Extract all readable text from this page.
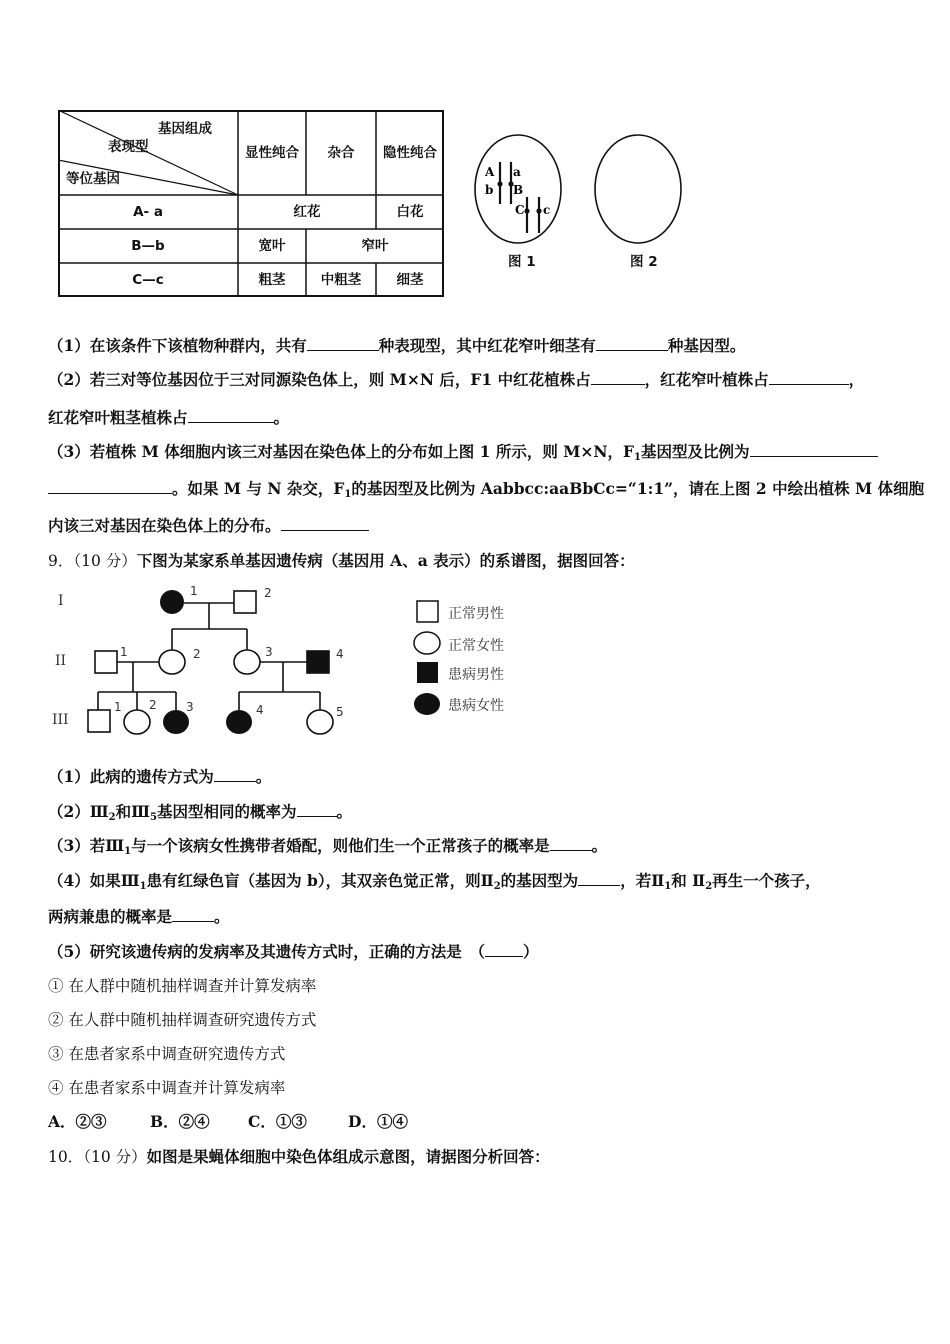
基因组成
表现型
等位基因
显性纯合	杂合	隐性纯合
A- a	红花	白花
B—b	宽叶	窄叶
C—c	粗茎	中粗茎	细茎
A a
b B
C c
图 1	图 2
（1）在该条件下该植物种群内，共有	种表现型，其中红花窄叶细茎有	种基因型。
（2）若三对等位基因位于三对同源染色体上，则 M×N 后，F1 中红花植株占	，红花窄叶植株占	，
红花窄叶粗茎植株占	。
（3）若植株 M 体细胞内该三对基因在染色体上的分布如上图 1 所示，则 M×N，F1基因型及比例为
。如果 M 与 N 杂交，F1的基因型及比例为 Aabbcc:aaBbCc=“1:1”，请在上图 2 中绘出植株 M 体细胞
内该三对基因在染色体上的分布。
9．（10 分）下图为某家系单基因遗传病（基因用 A、a 表示）的系谱图，据图回答：
I
II
III
1	2
1	2	3	4
1 2 3	4	5
正常男性
正常女性
患病男性
患病女性
（1）此病的遗传方式为	。
（2）Ⅲ2和Ⅲ5基因型相同的概率为	。
（3）若Ⅲ1与一个该病女性携带者婚配，则他们生一个正常孩子的概率是	。
（4）如果Ⅲ1患有红绿色盲（基因为 b），其双亲色觉正常，则Ⅱ2的基因型为	，若Ⅱ1和 Ⅱ2再生一个孩子，
两病兼患的概率是	。
（5）研究该遗传病的发病率及其遗传方式时，正确的方法是　（ ）
① 在人群中随机抽样调查并计算发病率
② 在人群中随机抽样调查研究遗传方式
③ 在患者家系中调查研究遗传方式
④ 在患者家系中调查并计算发病率
A．②③	B．②④ C．①③	D．①④
10．（10 分）如图是果蝇体细胞中染色体组成示意图，请据图分析回答：
